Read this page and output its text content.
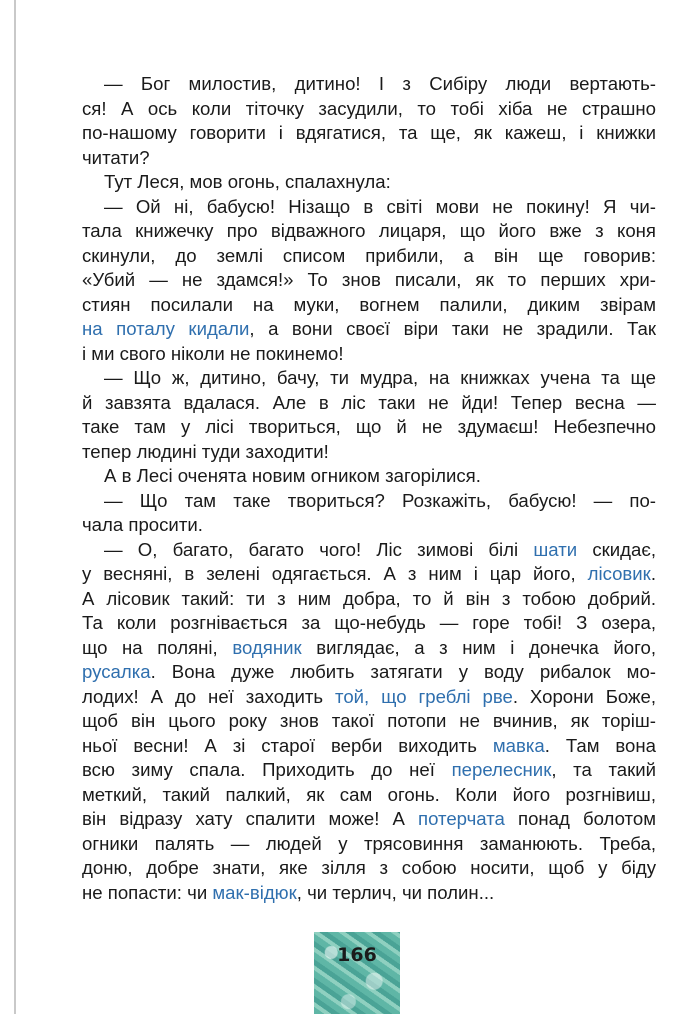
— Бог милостив, дитино! І з Сибіру люди вертають-
ся! А ось коли тіточку засудили, то тобі хіба не страшно
по-нашому говорити і вдягатися, та ще, як кажеш, і книжки
читати?
Тут Леся, мов огонь, спалахнула:
— Ой ні, бабусю! Нізащо в світі мови не покину! Я чи-
тала книжечку про відважного лицаря, що його вже з коня
скинули, до землі списом прибили, а він ще говорив:
«Убий — не здамся!» То знов писали, як то перших хри-
стиян посилали на муки, вогнем палили, диким звірам
на поталу кидали, а вони своєї віри таки не зрадили. Так
і ми свого ніколи не покинемо!
— Що ж, дитино, бачу, ти мудра, на книжках учена та ще
й завзята вдалася. Але в ліс таки не йди! Тепер весна —
таке там у лісі твориться, що й не здумаєш! Небезпечно
тепер людині туди заходити!
А в Лесі оченята новим огником загорілися.
— Що там таке твориться? Розкажіть, бабусю! — по-
чала просити.
— О, багато, багато чого! Ліс зимові білі шати скидає,
у весняні, в зелені одягається. А з ним і цар його, лісовик.
А лісовик такий: ти з ним добра, то й він з тобою добрий.
Та коли розгнівається за що-небудь — горе тобі! З озера,
що на поляні, водяник виглядає, а з ним і донечка його,
русалка. Вона дуже любить затягати у воду рибалок мо-
лодих! А до неї заходить той, що греблі рве. Хорони Боже,
щоб він цього року знов такої потопи не вчинив, як торіш-
ньої весни! А зі старої верби виходить мавка. Там вона
всю зиму спала. Приходить до неї перелесник, та такий
меткий, такий палкий, як сам огонь. Коли його розгнівиш,
він відразу хату спалити може! А потерчата понад болотом
огники палять — людей у трясовиння заманюють. Треба,
доню, добре знати, яке зілля з собою носити, щоб у біду
не попасти: чи мак-відюк, чи терлич, чи полин...
166
